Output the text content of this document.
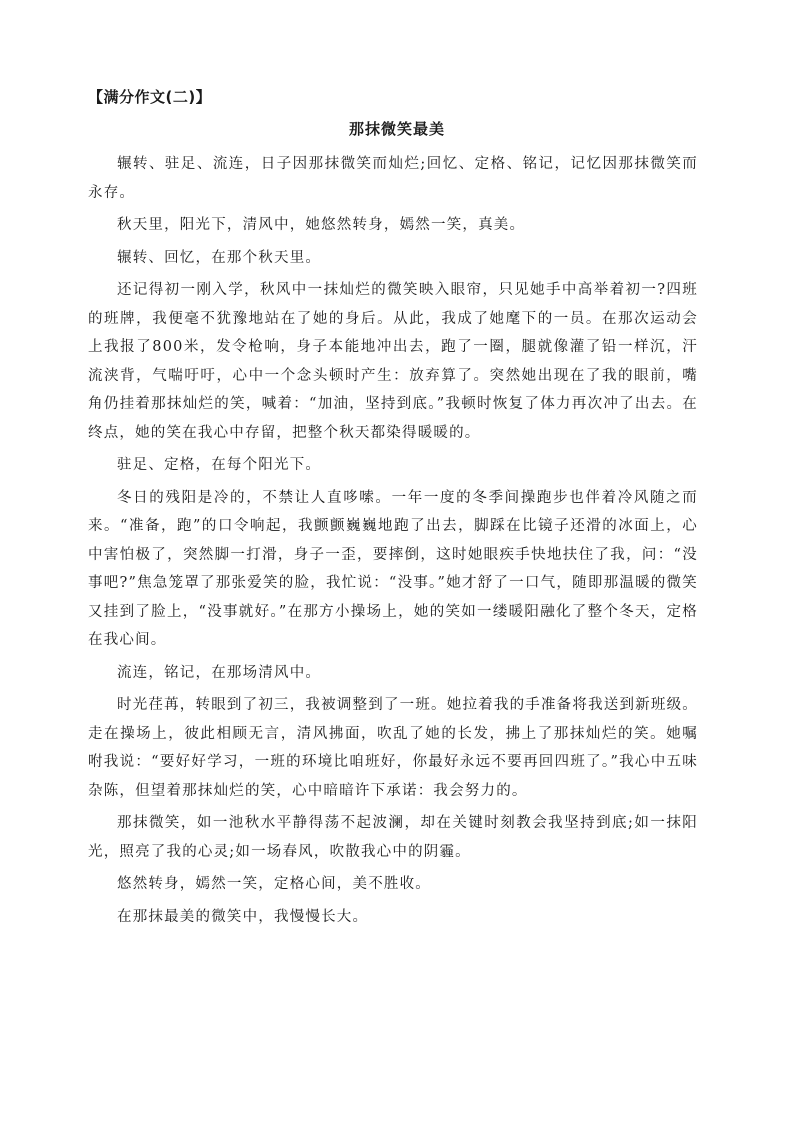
【满分作文(二)】
那抹微笑最美

辗转、驻足、流连，日子因那抹微笑而灿烂;回忆、定格、铭记，记忆因那抹微笑而永存。

秋天里，阳光下，清风中，她悠然转身，嫣然一笑，真美。

辗转、回忆，在那个秋天里。

还记得初一刚入学，秋风中一抹灿烂的微笑映入眼帘，只见她手中高举着初一?四班的班牌，我便毫不犹豫地站在了她的身后。从此，我成了她麾下的一员。在那次运动会上我报了800米，发令枪响，身子本能地冲出去，跑了一圈，腿就像灌了铅一样沉，汗流浃背，气喘吁吁，心中一个念头顿时产生：放弃算了。突然她出现在了我的眼前，嘴角仍挂着那抹灿烂的笑，喊着：“加油，坚持到底。”我顿时恢复了体力再次冲了出去。在终点，她的笑在我心中存留，把整个秋天都染得暖暖的。

驻足、定格，在每个阳光下。

冬日的残阳是冷的，不禁让人直哆嗦。一年一度的冬季间操跑步也伴着冷风随之而来。“准备，跑”的口令响起，我颤颤巍巍地跑了出去，脚踩在比镜子还滑的冰面上，心中害怕极了，突然脚一打滑，身子一歪，要摔倒，这时她眼疾手快地扶住了我，问：“没事吧?”焦急笼罩了那张爱笑的脸，我忙说：“没事。”她才舒了一口气，随即那温暖的微笑又挂到了脸上，“没事就好。”在那方小操场上，她的笑如一缕暖阳融化了整个冬天，定格在我心间。

流连，铭记，在那场清风中。

时光荏苒，转眼到了初三，我被调整到了一班。她拉着我的手准备将我送到新班级。走在操场上，彼此相顾无言，清风拂面，吹乱了她的长发，拂上了那抹灿烂的笑。她嘱咐我说：“要好好学习，一班的环境比咱班好，你最好永远不要再回四班了。”我心中五味杂陈，但望着那抹灿烂的笑，心中暗暗许下承诺：我会努力的。

那抹微笑，如一池秋水平静得荡不起波澜，却在关键时刻教会我坚持到底;如一抹阳光，照亮了我的心灵;如一场春风，吹散我心中的阴霾。

悠然转身，嫣然一笑，定格心间，美不胜收。

在那抹最美的微笑中，我慢慢长大。
